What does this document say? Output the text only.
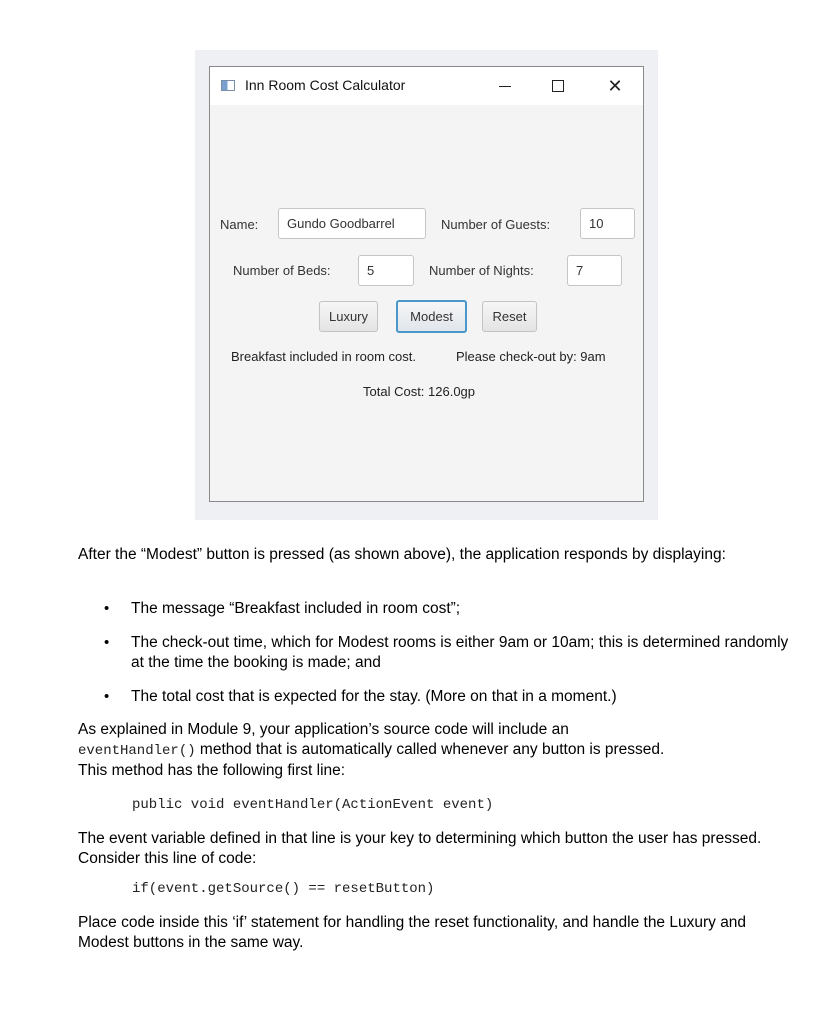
Inn Room Cost Calculator	✕
Name:	Gundo Goodbarrel	Number of Guests:	10
Number of Beds:	5	Number of Nights:	7
Luxury	Modest	Reset
Breakfast included in room cost.	Please check-out by: 9am
Total Cost: 126.0gp
After the “Modest” button is pressed (as shown above), the application responds by displaying:
• The message “Breakfast included in room cost”;
• The check-out time, which for Modest rooms is either 9am or 10am; this is determined randomly at the time the booking is made; and
• The total cost that is expected for the stay. (More on that in a moment.)
As explained in Module 9, your application’s source code will include an
eventHandler() method that is automatically called whenever any button is pressed.
This method has the following first line:
public void eventHandler(ActionEvent event)
The event variable defined in that line is your key to determining which button the user has pressed. Consider this line of code:
if(event.getSource() == resetButton)
Place code inside this ‘if’ statement for handling the reset functionality, and handle the Luxury and Modest buttons in the same way.
